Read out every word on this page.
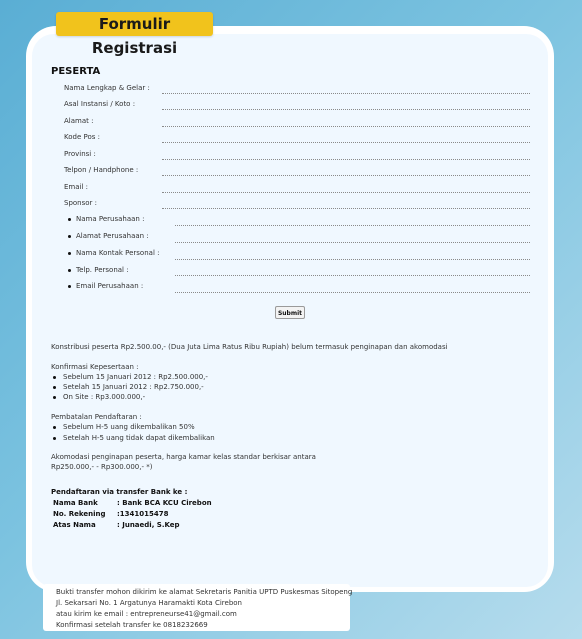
Formulir Registrasi
PESERTA
Nama Lengkap & Gelar :
Asal Instansi / Koto :
Alamat :
Kode Pos :
Provinsi :
Telpon / Handphone :
Email :
Sponsor :
Nama Perusahaan :
Alamat Perusahaan :
Nama Kontak Personal :
Telp. Personal :
Email Perusahaan :
Submit
Konstribusi peserta Rp2.500.00,- (Dua Juta Lima Ratus Ribu Rupiah) belum termasuk penginapan dan akomodasi
Konfirmasi Kepesertaan :
Sebelum 15 Januari 2012 : Rp2.500.000,-
Setelah 15 Januari 2012 : Rp2.750.000,-
On Site : Rp3.000.000,-
Pembatalan Pendaftaran :
Sebelum H-5 uang dikembalikan 50%
Setelah H-5 uang tidak dapat dikembalikan
Akomodasi penginapan peserta, harga kamar kelas standar berkisar antara
Rp250.000,- - Rp300.000,- *)
Pendaftaran via transfer Bank ke :
Nama Bank	: Bank BCA KCU Cirebon
No. Rekening :1341015478
Atas Nama	: Junaedi, S.Kep
Bukti transfer mohon dikirim ke alamat Sekretaris Panitia UPTD Puskesmas Sitopeng
Jl. Sekarsari No. 1 Argatunya Haramakti Kota Cirebon
atau kirim ke email : entrepreneurse41@gmail.com
Konfirmasi setelah transfer ke 0818232669
